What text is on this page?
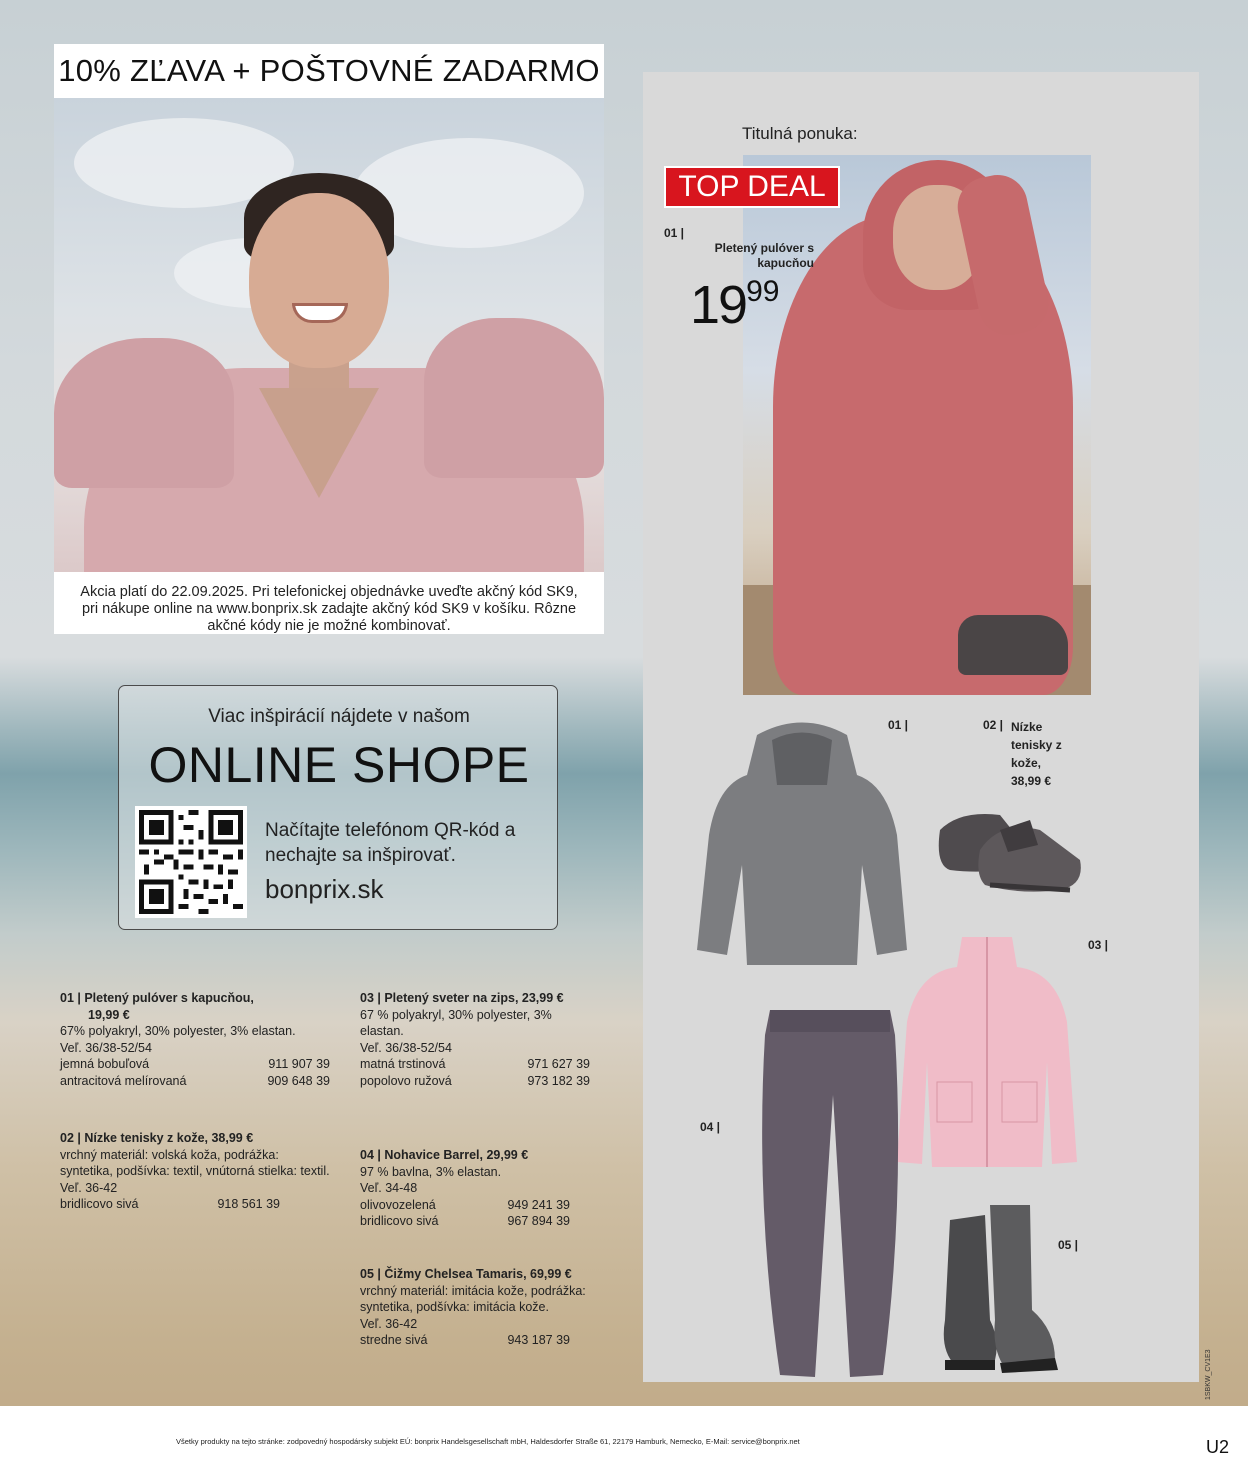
10% ZĽAVA + POŠTOVNÉ ZADARMO
Akcia platí do 22.09.2025. Pri telefonickej objednávke uveďte akčný kód SK9, pri nákupe online na www.bonprix.sk zadajte akčný kód SK9 v košíku. Rôzne akčné kódy nie je možné kombinovať.
Titulná ponuka:
TOP DEAL
01 |
Pletený pulóver s kapucňou
$19^{99}$
01 |	02 | Nízke tenisky z kože, 38,99 €
03 |
04 |
05 |
Viac inšpirácií nájdete v našom
ONLINE SHOPE
Načítajte telefónom QR-kód a nechajte sa inšpirovať.
bonprix.sk
01 | Pletený pulóver s kapucňou,
19,99 €
67% polyakryl, 30% polyester, 3% elastan.
Veľ. 36/38-52/54
jemná bobuľová	911 907 39
antracitová melírovaná	909 648 39
02 | Nízke tenisky z kože, 38,99 €
vrchný materiál: volská koža, podrážka: syntetika, podšívka: textil, vnútorná stielka: textil.
Veľ. 36-42
bridlicovo sivá	918 561 39
03 | Pletený sveter na zips, 23,99 €
67 % polyakryl, 30% polyester, 3% elastan.
Veľ. 36/38-52/54
matná trstinová	971 627 39
popolovo ružová	973 182 39
04 | Nohavice Barrel, 29,99 €
97 % bavlna, 3% elastan.
Veľ. 34-48
olivovozelená	949 241 39
bridlicovo sivá	967 894 39
05 | Čižmy Chelsea Tamaris, 69,99 €
vrchný materiál: imitácia kože, podrážka: syntetika, podšívka: imitácia kože.
Veľ. 36-42
stredne sivá	943 187 39
Všetky produkty na tejto stránke: zodpovedný hospodársky subjekt EÚ: bonprix Handelsgesellschaft mbH, Haldesdorfer Straße 61, 22179 Hamburk, Nemecko, E-Mail: service@bonprix.net	U2
1SBKW_CV1E3
